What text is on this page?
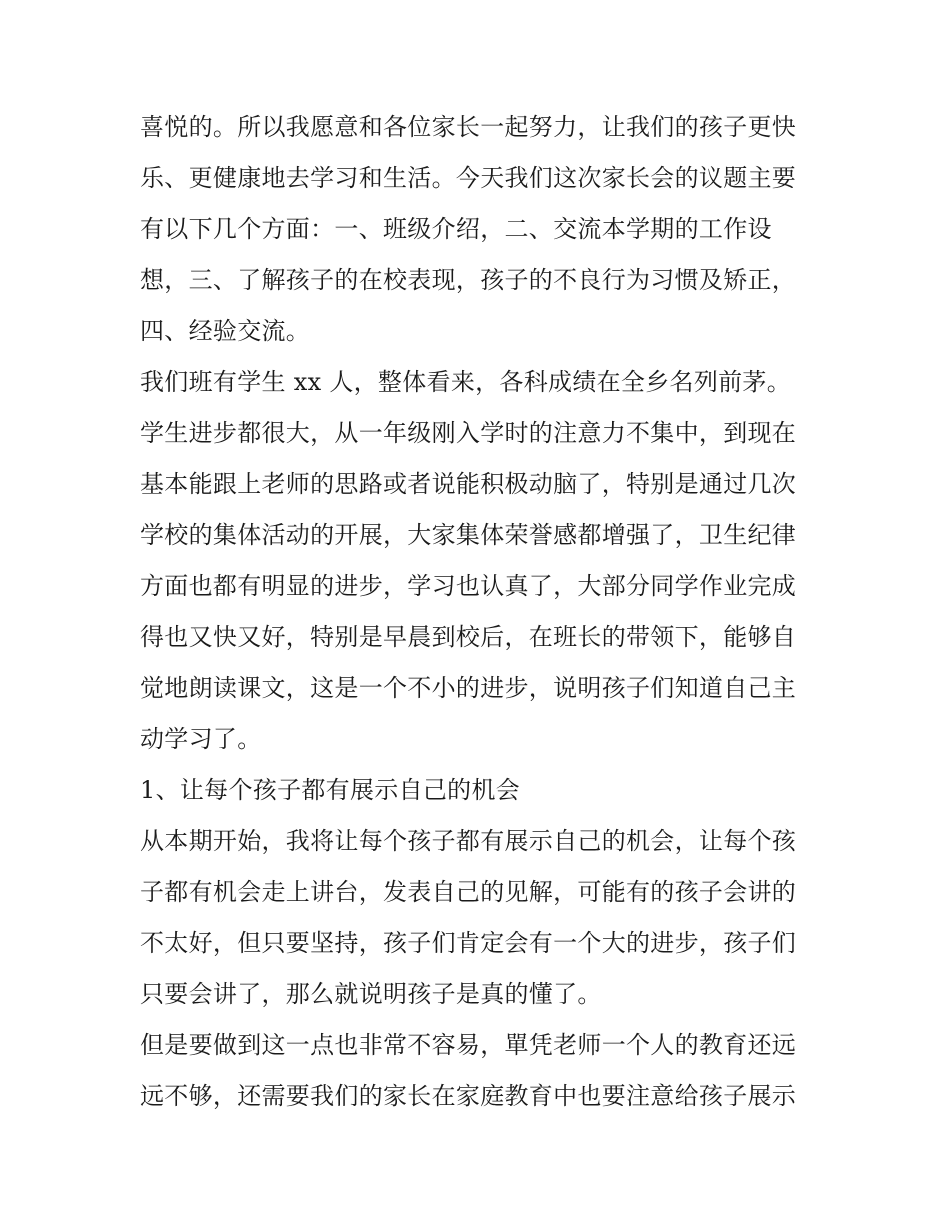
喜悦的。所以我愿意和各位家长一起努力，让我们的孩子更快
乐、更健康地去学习和生活。今天我们这次家长会的议题主要
有以下几个方面：一、班级介绍，二、交流本学期的工作设
想，三、了解孩子的在校表现，孩子的不良行为习惯及矫正，
四、经验交流。
我们班有学生 xx 人，整体看来，各科成绩在全乡名列前茅。
学生进步都很大，从一年级刚入学时的注意力不集中，到现在
基本能跟上老师的思路或者说能积极动脑了，特别是通过几次
学校的集体活动的开展，大家集体荣誉感都增强了，卫生纪律
方面也都有明显的进步，学习也认真了，大部分同学作业完成
得也又快又好，特别是早晨到校后，在班长的带领下，能够自
觉地朗读课文，这是一个不小的进步，说明孩子们知道自己主
动学习了。
1、让每个孩子都有展示自己的机会
从本期开始，我将让每个孩子都有展示自己的机会，让每个孩
子都有机会走上讲台，发表自己的见解，可能有的孩子会讲的
不太好，但只要坚持，孩子们肯定会有一个大的进步，孩子们
只要会讲了，那么就说明孩子是真的懂了。
但是要做到这一点也非常不容易，單凭老师一个人的教育还远
远不够，还需要我们的家长在家庭教育中也要注意给孩子展示
